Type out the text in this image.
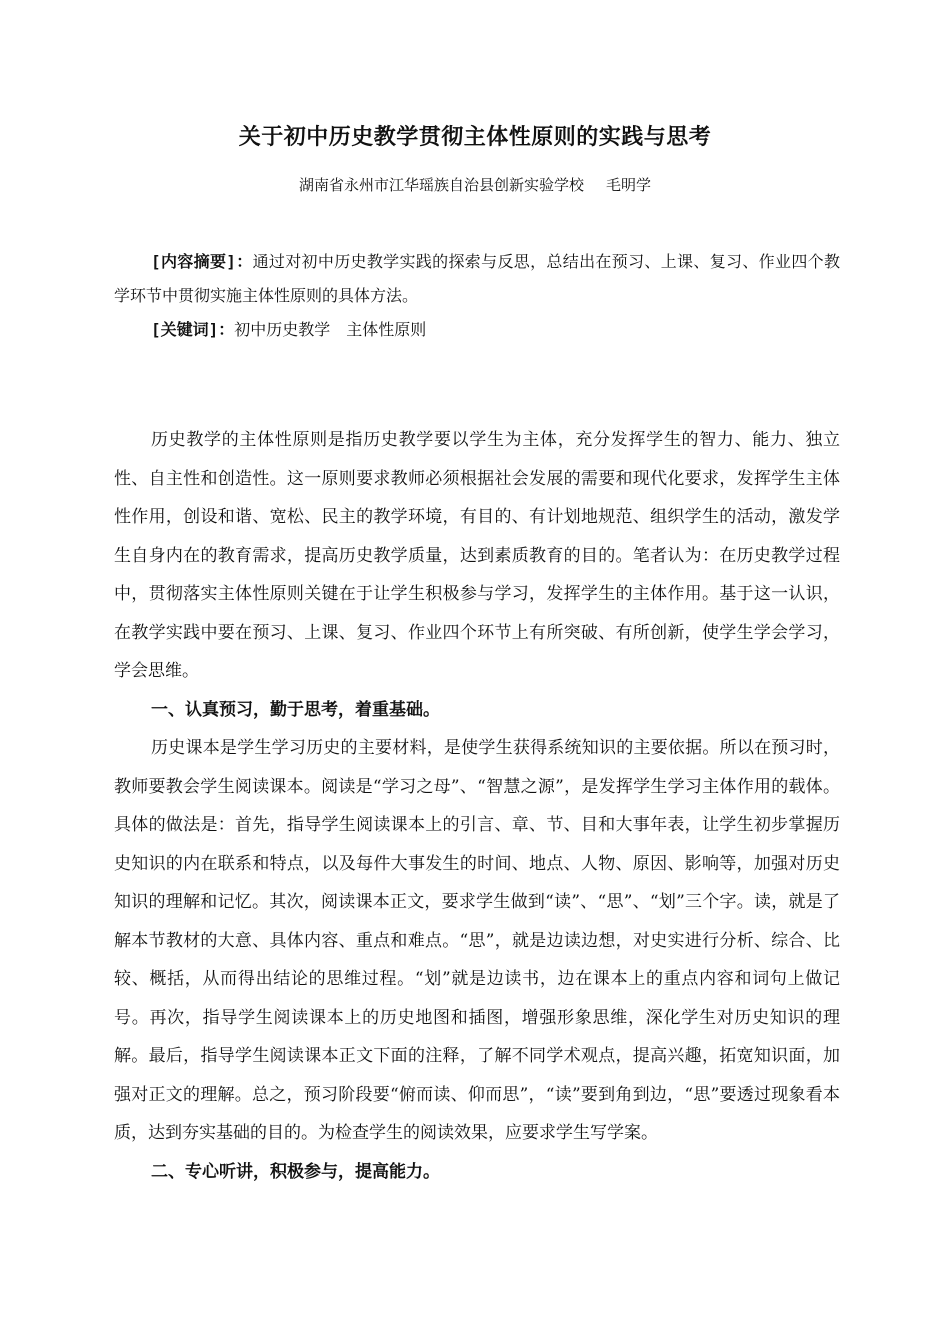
关于初中历史教学贯彻主体性原则的实践与思考
湖南省永州市江华瑶族自治县创新实验学校 毛明学

[内容摘要]：通过对初中历史教学实践的探索与反思，总结出在预习、上课、复习、作业四个教学环节中贯彻实施主体性原则的具体方法。

[关键词]：初中历史教学　主体性原则

历史教学的主体性原则是指历史教学要以学生为主体，充分发挥学生的智力、能力、独立性、自主性和创造性。这一原则要求教师必须根据社会发展的需要和现代化要求，发挥学生主体性作用，创设和谐、宽松、民主的教学环境，有目的、有计划地规范、组织学生的活动，激发学生自身内在的教育需求，提高历史教学质量，达到素质教育的目的。笔者认为：在历史教学过程中，贯彻落实主体性原则关键在于让学生积极参与学习，发挥学生的主体作用。基于这一认识，在教学实践中要在预习、上课、复习、作业四个环节上有所突破、有所创新，使学生学会学习，学会思维。

一、认真预习，勤于思考，着重基础。

历史课本是学生学习历史的主要材料，是使学生获得系统知识的主要依据。所以在预习时，教师要教会学生阅读课本。阅读是“学习之母”、“智慧之源”，是发挥学生学习主体作用的载体。具体的做法是：首先，指导学生阅读课本上的引言、章、节、目和大事年表，让学生初步掌握历史知识的内在联系和特点，以及每件大事发生的时间、地点、人物、原因、影响等，加强对历史知识的理解和记忆。其次，阅读课本正文，要求学生做到“读”、“思”、“划”三个字。读，就是了解本节教材的大意、具体内容、重点和难点。“思”，就是边读边想，对史实进行分析、综合、比较、概括，从而得出结论的思维过程。“划”就是边读书，边在课本上的重点内容和词句上做记号。再次，指导学生阅读课本上的历史地图和插图，增强形象思维，深化学生对历史知识的理解。最后，指导学生阅读课本正文下面的注释，了解不同学术观点，提高兴趣，拓宽知识面，加强对正文的理解。总之，预习阶段要“俯而读、仰而思”，“读”要到角到边，“思”要透过现象看本质，达到夯实基础的目的。为检查学生的阅读效果，应要求学生写学案。

二、专心听讲，积极参与，提高能力。
